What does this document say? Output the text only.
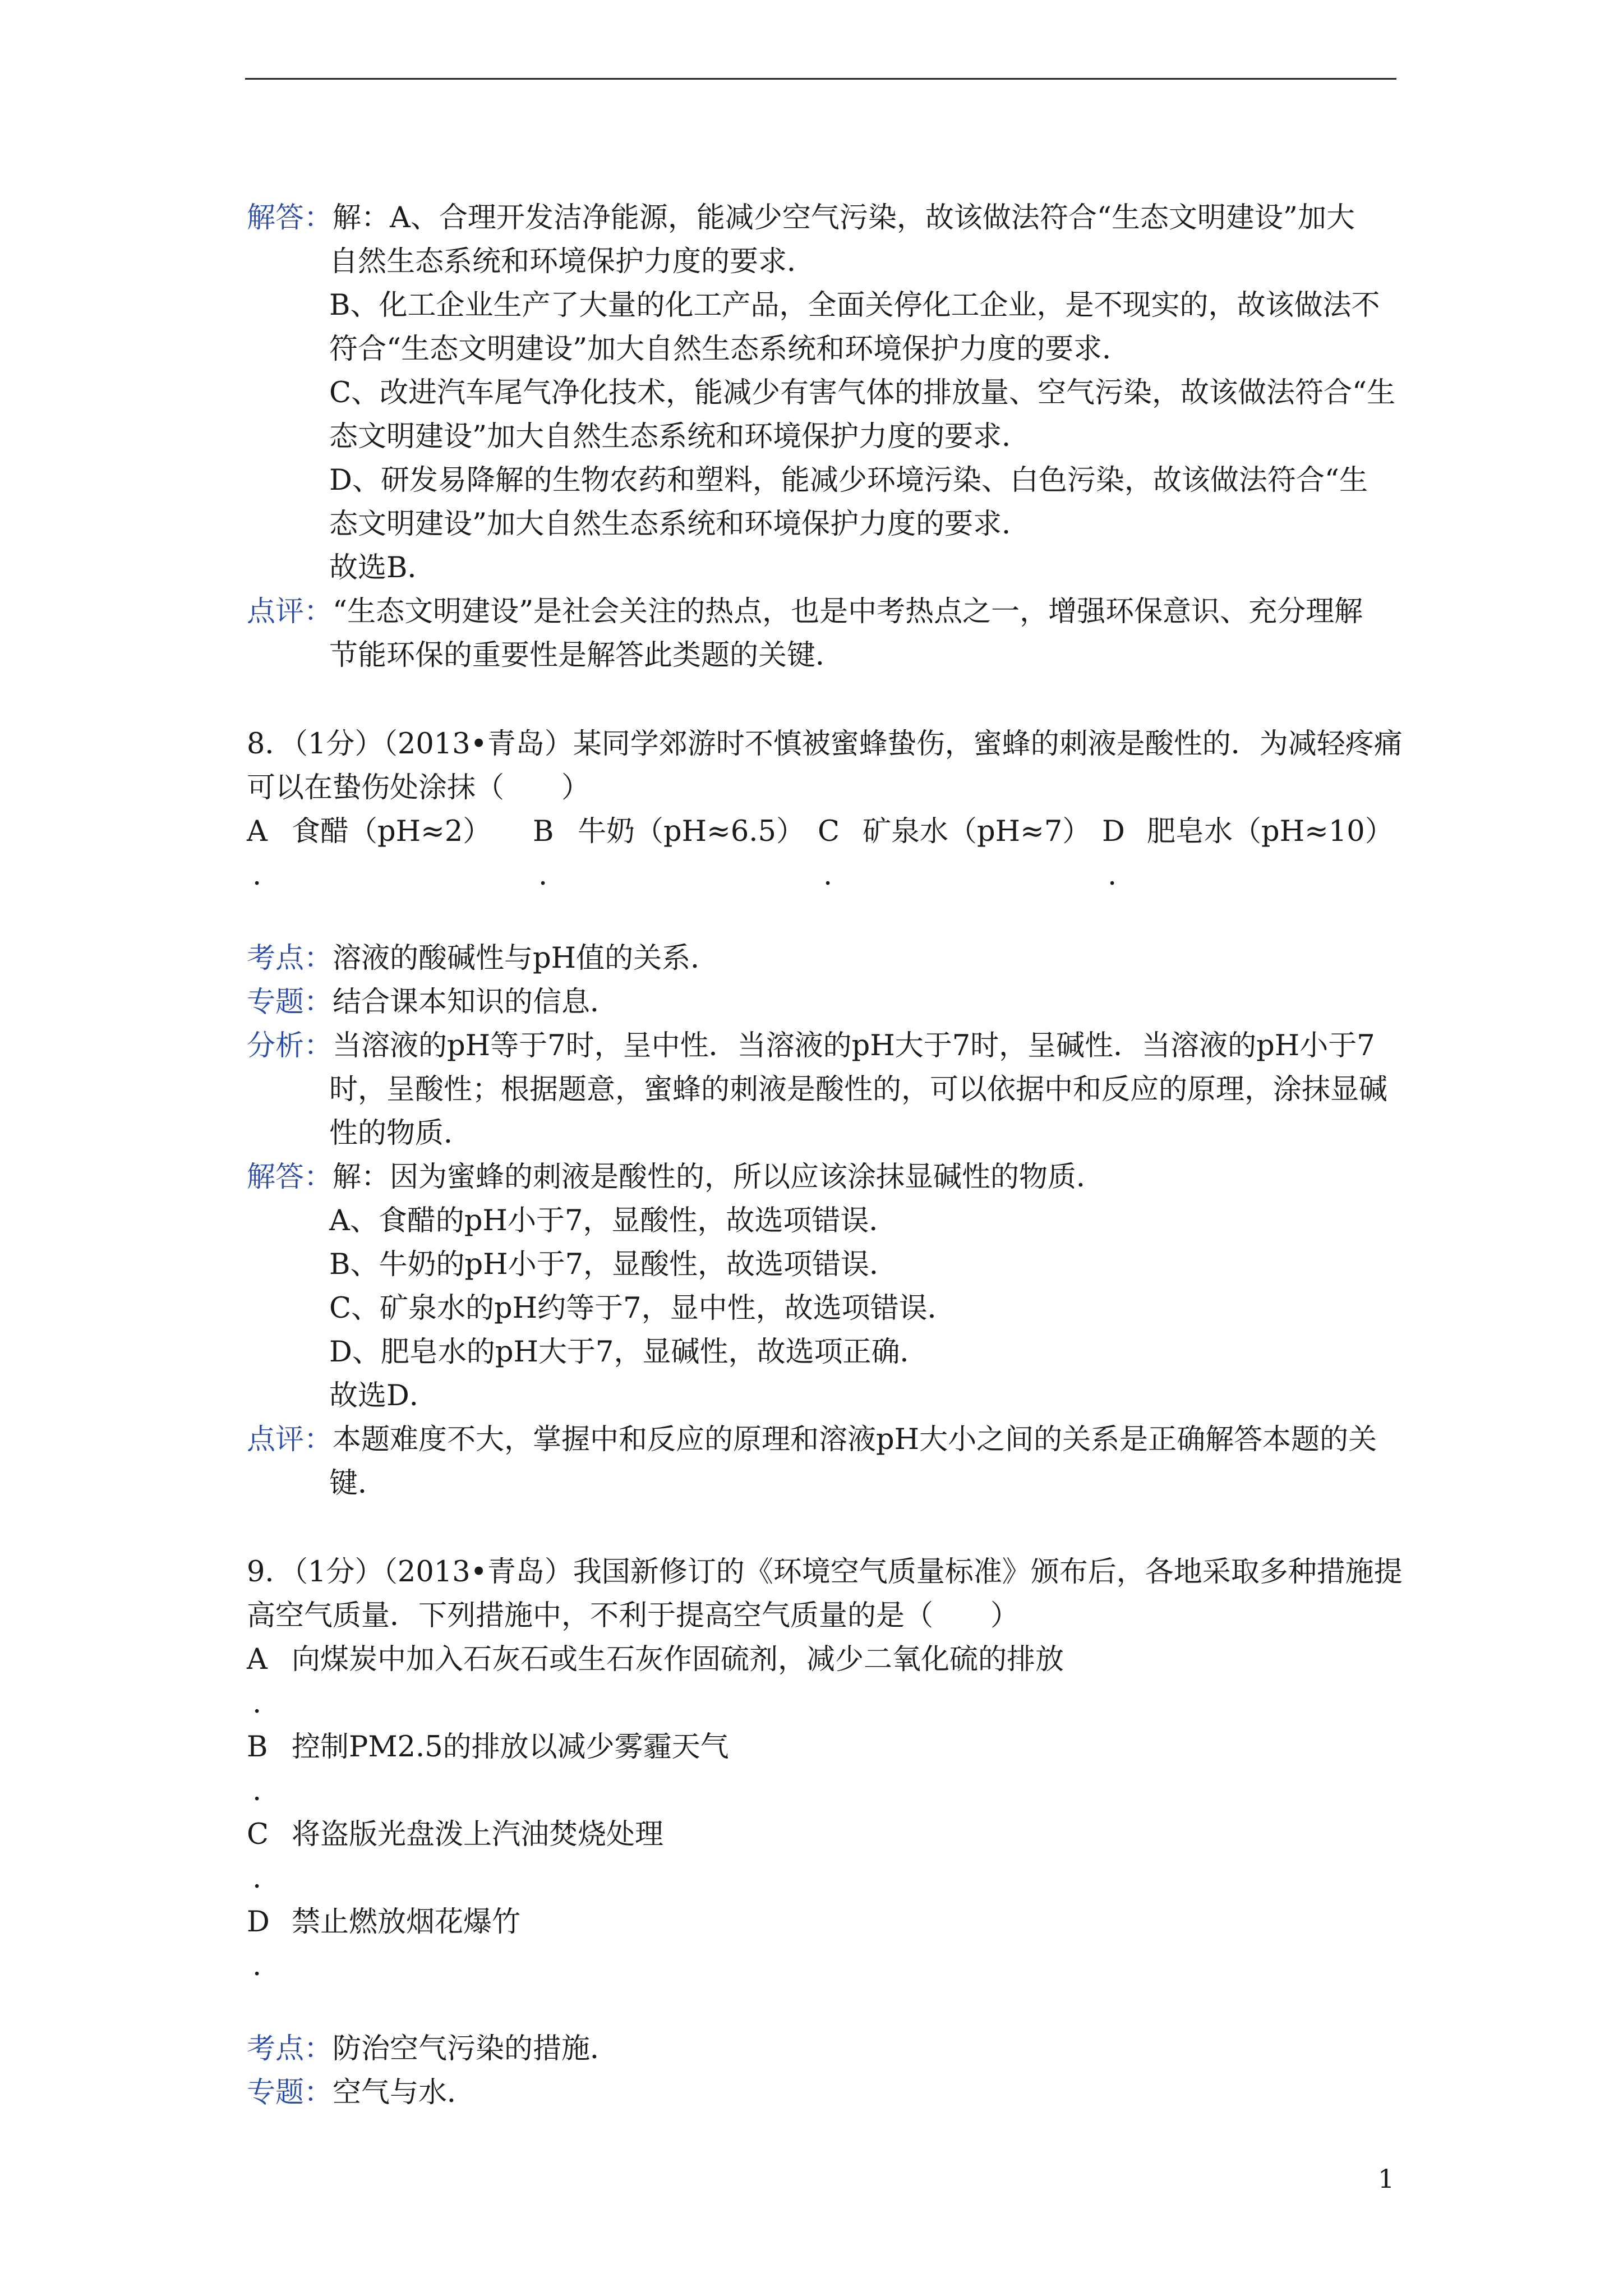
解答：解：A、合理开发洁净能源，能减少空气污染，故该做法符合“生态文明建设”加大
自然生态系统和环境保护力度的要求．
B、化工企业生产了大量的化工产品，全面关停化工企业，是不现实的，故该做法不
符合“生态文明建设”加大自然生态系统和环境保护力度的要求．
C、改进汽车尾气净化技术，能减少有害气体的排放量、空气污染，故该做法符合“生
态文明建设”加大自然生态系统和环境保护力度的要求．
D、研发易降解的生物农药和塑料，能减少环境污染、白色污染，故该做法符合“生
态文明建设”加大自然生态系统和环境保护力度的要求．
故选B．
点评：“生态文明建设”是社会关注的热点，也是中考热点之一，增强环保意识、充分理解
节能环保的重要性是解答此类题的关键．
8．（1分）（2013•青岛）某同学郊游时不慎被蜜蜂蛰伤，蜜蜂的刺液是酸性的．为减轻疼痛
可以在蛰伤处涂抹（　　）
A 食醋（pH≈2）
.
B 牛奶（pH≈6.5）
.
C 矿泉水（pH≈7）
.
D 肥皂水（pH≈10）
.
考点：溶液的酸碱性与pH值的关系．
专题：结合课本知识的信息．
分析：当溶液的pH等于7时，呈中性．当溶液的pH大于7时，呈碱性．当溶液的pH小于7
时，呈酸性；根据题意，蜜蜂的刺液是酸性的，可以依据中和反应的原理，涂抹显碱
性的物质．
解答：解：因为蜜蜂的刺液是酸性的，所以应该涂抹显碱性的物质．
A、食醋的pH小于7，显酸性，故选项错误．
B、牛奶的pH小于7，显酸性，故选项错误．
C、矿泉水的pH约等于7，显中性，故选项错误．
D、肥皂水的pH大于7，显碱性，故选项正确．
故选D．
点评：本题难度不大，掌握中和反应的原理和溶液pH大小之间的关系是正确解答本题的关
键．
9．（1分）（2013•青岛）我国新修订的《环境空气质量标准》颁布后，各地采取多种措施提
高空气质量．下列措施中，不利于提高空气质量的是（　　）
A 向煤炭中加入石灰石或生石灰作固硫剂，减少二氧化硫的排放
.
B 控制PM2.5的排放以减少雾霾天气
.
C 将盗版光盘泼上汽油焚烧处理
.
D 禁止燃放烟花爆竹
.
考点：防治空气污染的措施．
专题：空气与水．
1
